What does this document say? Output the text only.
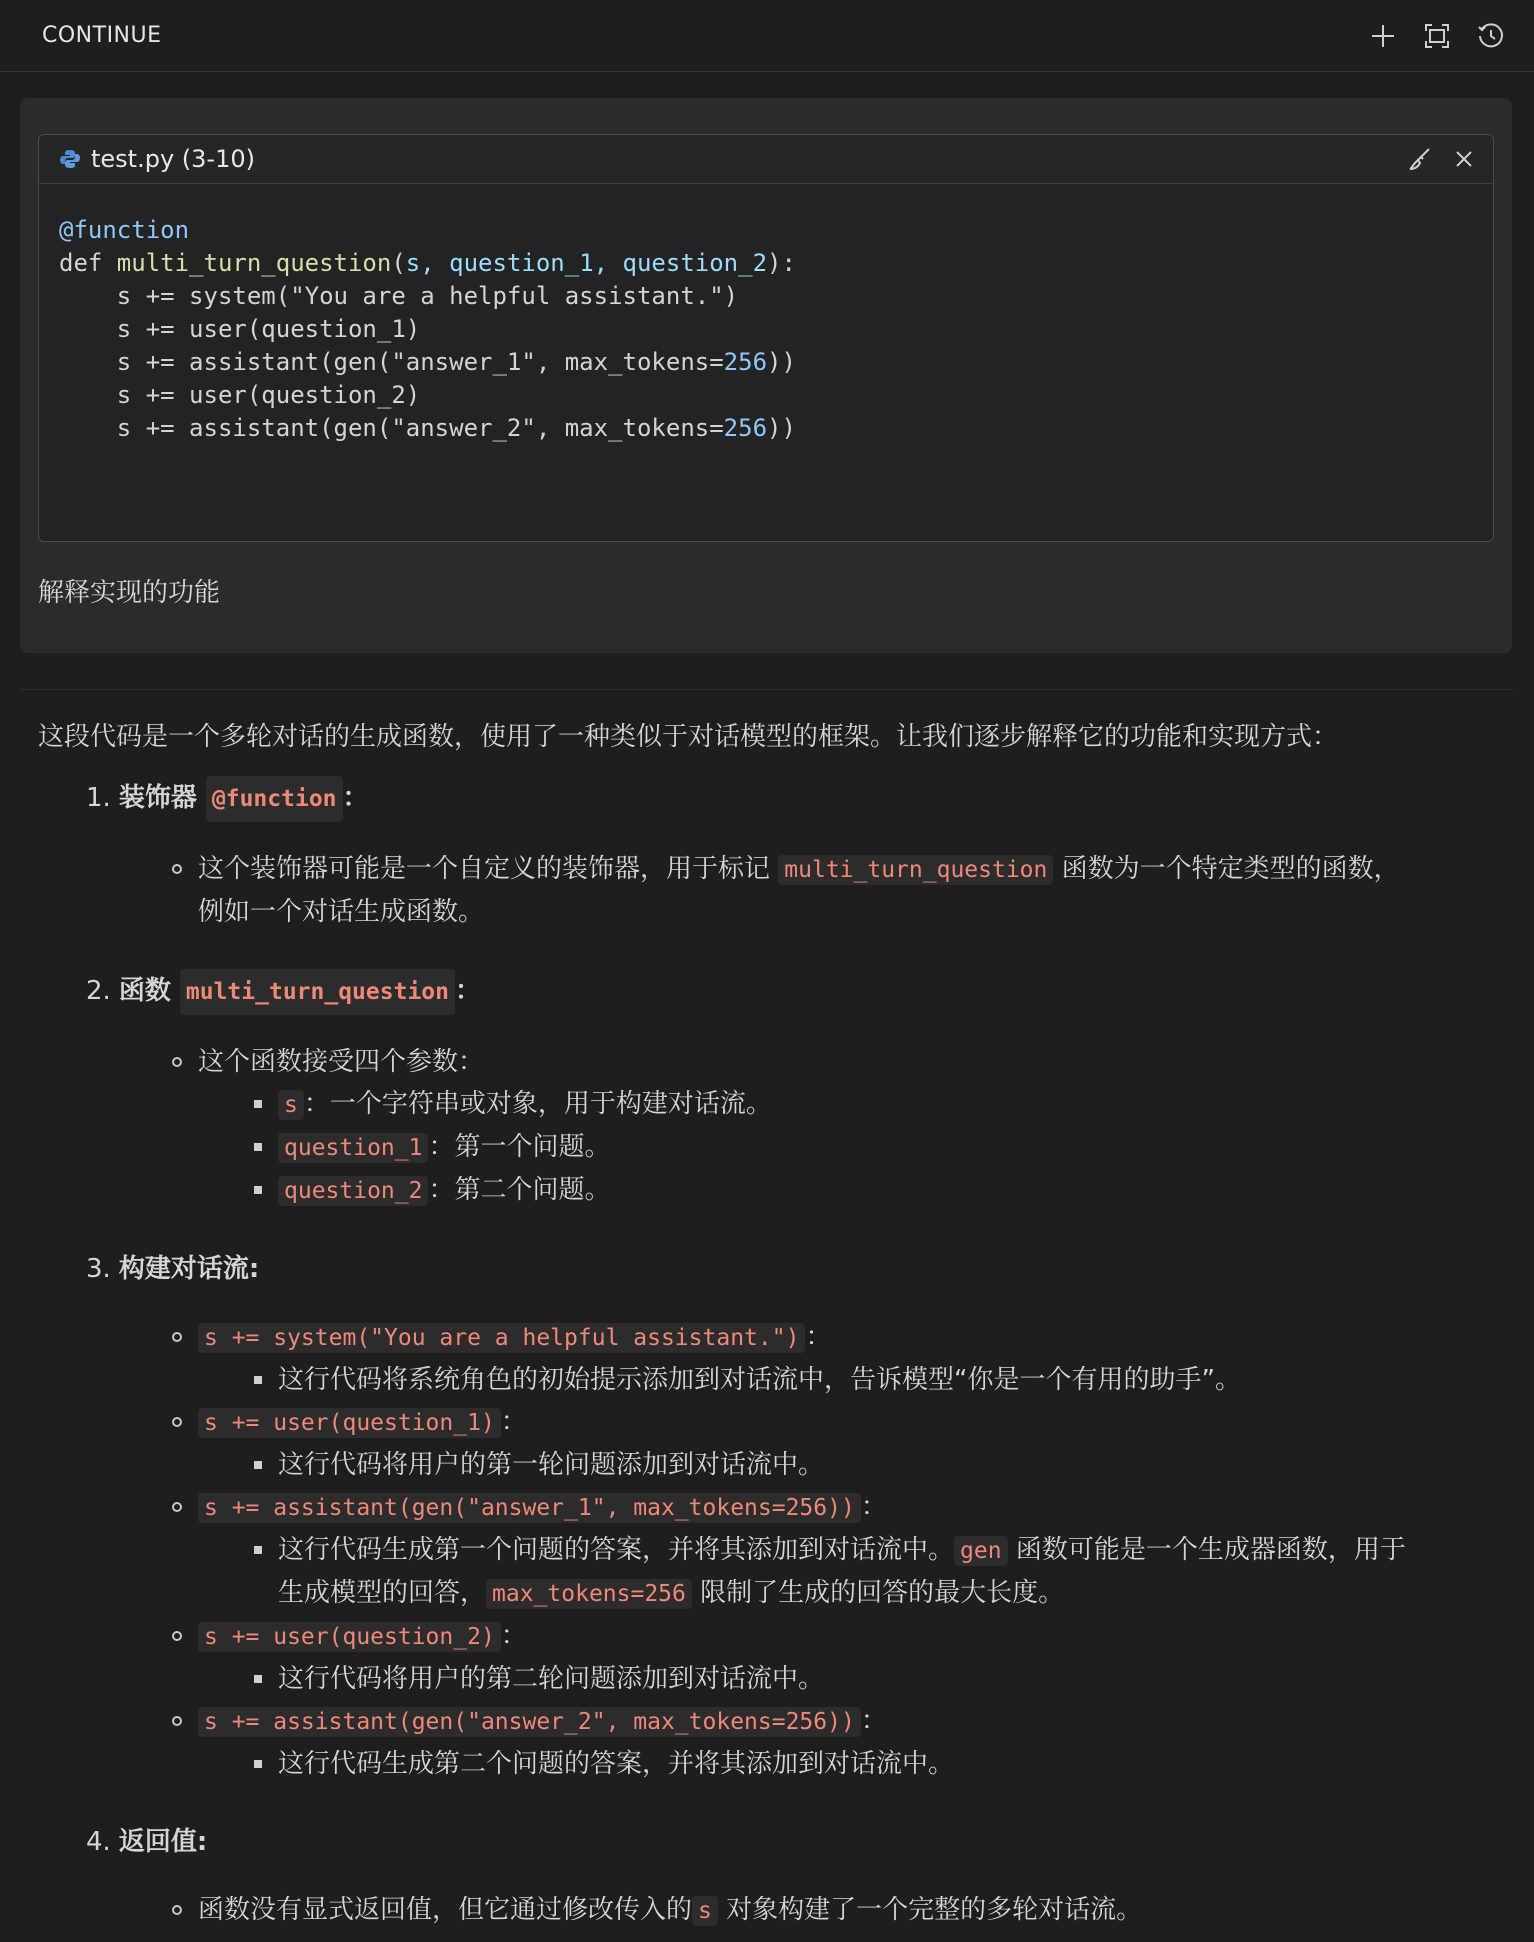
CONTINUE
test.py (3-10)
@function
def multi_turn_question(s, question_1, question_2):
s += system("You are a helpful assistant.")
s += user(question_1)
s += assistant(gen("answer_1", max_tokens=256))
s += user(question_2)
s += assistant(gen("answer_2", max_tokens=256))
解释实现的功能
这段代码是一个多轮对话的生成函数，使用了一种类似于对话模型的框架。让我们逐步解释它的功能和实现方式：
1. 装饰器
@function ：
这个装饰器可能是一个自定义的装饰器，用于标记 multi_turn_question 函数为一个特定类型的函数，
例如一个对话生成函数。
2. 函数
multi_turn_question ：
这个函数接受四个参数：
s ：一个字符串或对象，用于构建对话流。
question_1 ：第一个问题。
question_2 ：第二个问题。
3. 构建对话流:
s += system("You are a helpful assistant.") ：
这行代码将系统角色的初始提示添加到对话流中，告诉模型“你是一个有用的助手”。
s += user(question_1) ：
这行代码将用户的第一轮问题添加到对话流中。
s += assistant(gen("answer_1", max_tokens=256)) ：
这行代码生成第一个问题的答案，并将其添加到对话流中。 gen 函数可能是一个生成器函数，用于
生成模型的回答， max_tokens=256 限制了生成的回答的最大长度。
s += user(question_2) ：
这行代码将用户的第二轮问题添加到对话流中。
s += assistant(gen("answer_2", max_tokens=256)) ：
这行代码生成第二个问题的答案，并将其添加到对话流中。
4. 返回值:
函数没有显式返回值，但它通过修改传入的 s 对象构建了一个完整的多轮对话流。
